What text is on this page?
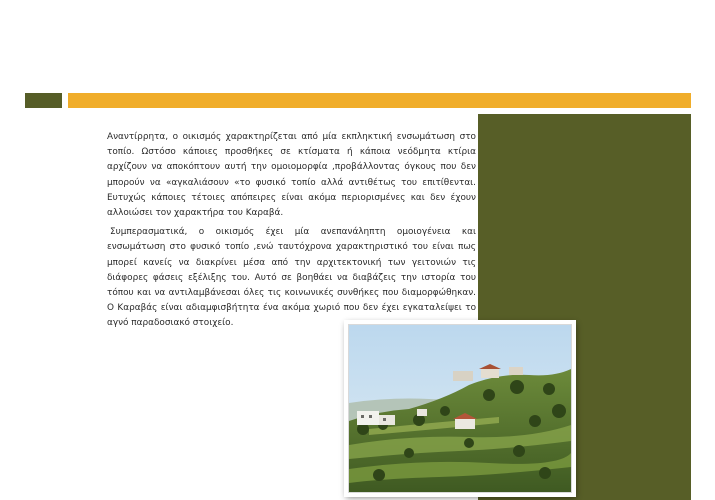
Αναντίρρητα, ο οικισμός χαρακτηρίζεται από μία εκπληκτική ενσωμάτωση στο τοπίο. Ωστόσο κάποιες προσθήκες σε κτίσματα ή κάποια νεόδμητα κτίρια αρχίζουν να αποκόπτουν αυτή την ομοιομορφία ,προβάλλοντας όγκους που δεν μπορούν να «αγκαλιάσουν «το φυσικό τοπίο αλλά αντιθέτως του επιτίθενται. Ευτυχώς κάποιες τέτοιες απόπειρες είναι ακόμα περιορισμένες και δεν έχουν αλλοιώσει τον χαρακτήρα του Καραβά.

Συμπερασματικά, ο οικισμός έχει μία ανεπανάληπτη ομοιογένεια και ενσωμάτωση στο φυσικό τοπίο ,ενώ ταυτόχρονα χαρακτηριστικό του είναι πως μπορεί κανείς να διακρίνει μέσα από την αρχιτεκτονική των γειτονιών τις διάφορες φάσεις εξέλιξης του. Αυτό σε βοηθάει να διαβάζεις την ιστορία του τόπου και να αντιλαμβάνεσαι όλες τις κοινωνικές συνθήκες που διαμορφώθηκαν. Ο Καραβάς είναι αδιαμφισβήτητα ένα ακόμα χωριό που δεν έχει εγκαταλείψει το αγνό παραδοσιακό στοιχείο.
